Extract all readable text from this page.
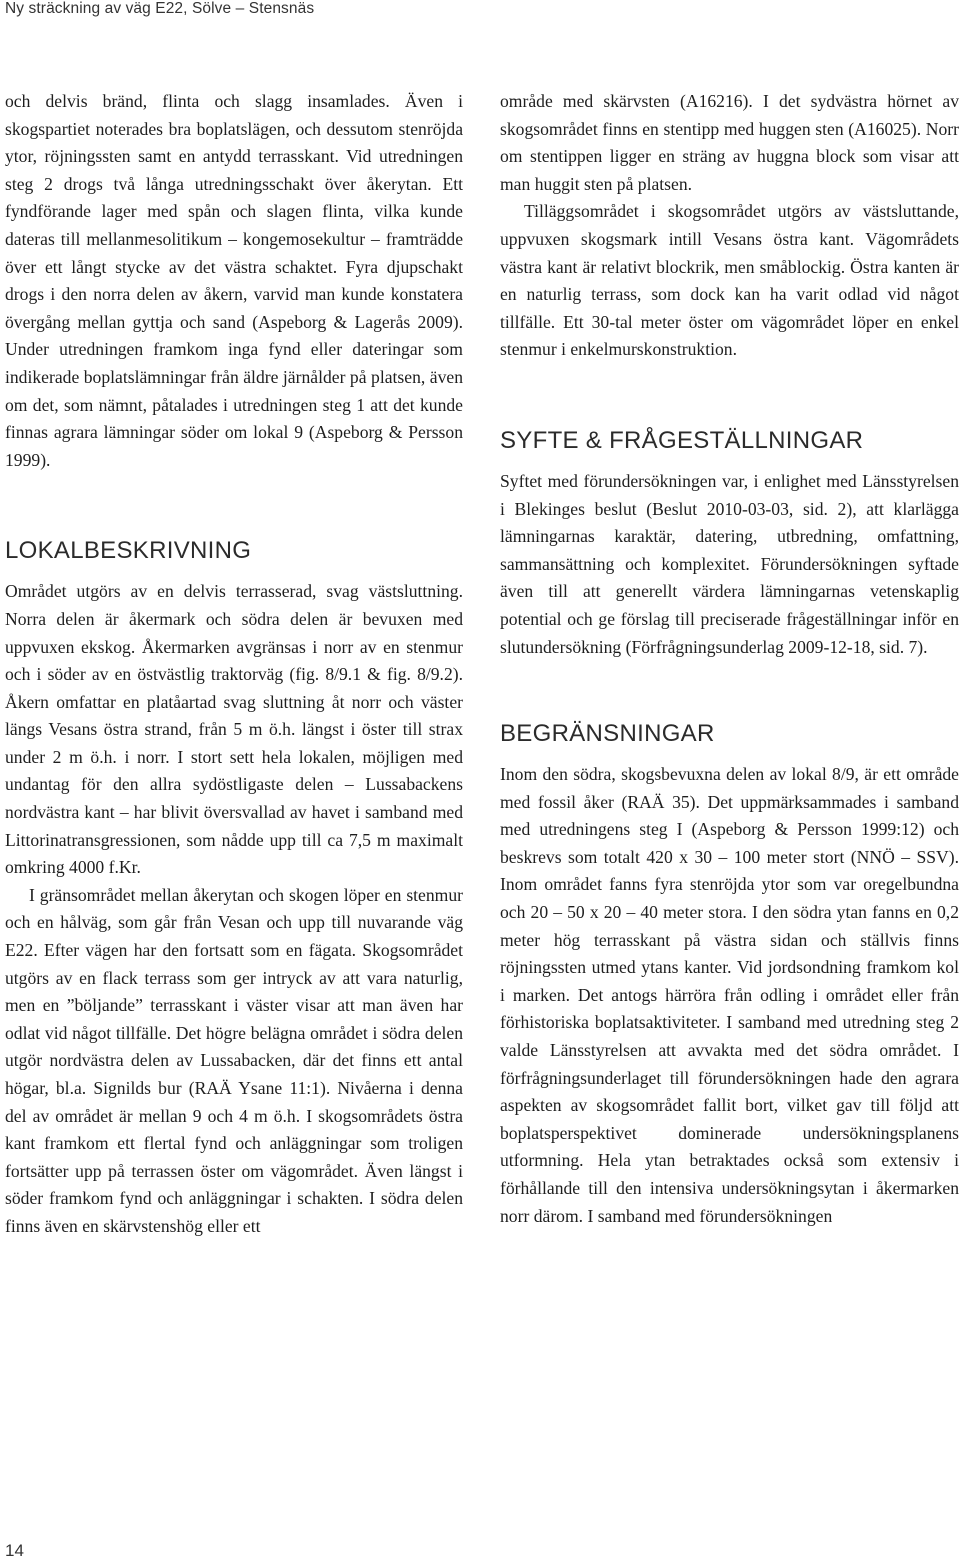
Ny sträckning av väg E22, Sölve – Stensnäs

och delvis bränd, flinta och slagg insamlades. Även i skogspartiet noterades bra boplatslägen, och dessutom stenröjda ytor, röjningssten samt en antydd terrasskant. Vid utredningen steg 2 drogs två långa utredningsschakt över åkerytan. Ett fyndförande lager med spån och slagen flinta, vilka kunde dateras till mellanmesolitikum – kongemosekultur – framträdde över ett långt stycke av det västra schaktet. Fyra djupschakt drogs i den norra delen av åkern, varvid man kunde konstatera övergång mellan gyttja och sand (Aspeborg & Lagerås 2009). Under utredningen framkom inga fynd eller dateringar som indikerade boplatslämningar från äldre järnålder på platsen, även om det, som nämnt, påtalades i utredningen steg 1 att det kunde finnas agrara lämningar söder om lokal 9 (Aspeborg & Persson 1999).

LOKALBESKRIVNING

Området utgörs av en delvis terrasserad, svag västsluttning. Norra delen är åkermark och södra delen är bevuxen med uppvuxen ekskog. Åkermarken avgränsas i norr av en stenmur och i söder av en östvästlig traktorväg (fig. 8/9.1 & fig. 8/9.2). Åkern omfattar en platåartad svag sluttning åt norr och väster längs Vesans östra strand, från 5 m ö.h. längst i öster till strax under 2 m ö.h. i norr. I stort sett hela lokalen, möjligen med undantag för den allra sydöstligaste delen – Lussabackens nordvästra kant – har blivit översvallad av havet i samband med Littorinatransgressionen, som nådde upp till ca 7,5 m maximalt omkring 4000 f.Kr.

I gränsområdet mellan åkerytan och skogen löper en stenmur och en hålväg, som går från Vesan och upp till nuvarande väg E22. Efter vägen har den fortsatt som en fägata. Skogsområdet utgörs av en flack terrass som ger intryck av att vara naturlig, men en ”böljande” terrasskant i väster visar att man även har odlat vid något tillfälle. Det högre belägna området i södra delen utgör nordvästra delen av Lussabacken, där det finns ett antal högar, bl.a. Signilds bur (RAÄ Ysane 11:1). Nivåerna i denna del av området är mellan 9 och 4 m ö.h. I skogsområdets östra kant framkom ett flertal fynd och anläggningar som troligen fortsätter upp på terrassen öster om vägområdet. Även längst i söder framkom fynd och anläggningar i schakten. I södra delen finns även en skärvstenshög eller ett

område med skärvsten (A16216). I det sydvästra hörnet av skogsområdet finns en stentipp med huggen sten (A16025). Norr om stentippen ligger en sträng av huggna block som visar att man huggit sten på platsen.

Tilläggsområdet i skogsområdet utgörs av västsluttande, uppvuxen skogsmark intill Vesans östra kant. Vägområdets västra kant är relativt blockrik, men småblockig. Östra kanten är en naturlig terrass, som dock kan ha varit odlad vid något tillfälle. Ett 30-tal meter öster om vägområdet löper en enkel stenmur i enkelmurskonstruktion.

SYFTE & FRÅGESTÄLLNINGAR

Syftet med förundersökningen var, i enlighet med Länsstyrelsen i Blekinges beslut (Beslut 2010-03-03, sid. 2), att klarlägga lämningarnas karaktär, datering, utbredning, omfattning, sammansättning och komplexitet. Förundersökningen syftade även till att generellt värdera lämningarnas vetenskaplig potential och ge förslag till preciserade frågeställningar inför en slutundersökning (Förfrågningsunderlag 2009-12-18, sid. 7).

BEGRÄNSNINGAR

Inom den södra, skogsbevuxna delen av lokal 8/9, är ett område med fossil åker (RAÄ 35). Det uppmärksammades i samband med utredningens steg I (Aspeborg & Persson 1999:12) och beskrevs som totalt 420 x 30 – 100 meter stort (NNÖ – SSV). Inom området fanns fyra stenröjda ytor som var oregelbundna och 20 – 50 x 20 – 40 meter stora. I den södra ytan fanns en 0,2 meter hög terrasskant på västra sidan och ställvis finns röjningssten utmed ytans kanter. Vid jordsondning framkom kol i marken. Det antogs härröra från odling i området eller från förhistoriska boplatsaktiviteter. I samband med utredning steg 2 valde Länsstyrelsen att avvakta med det södra området. I förfrågningsunderlaget till förundersökningen hade den agrara aspekten av skogsområdet fallit bort, vilket gav till följd att boplatsperspektivet dominerade undersökningsplanens utformning. Hela ytan betraktades också som extensiv i förhållande till den intensiva undersökningsytan i åkermarken norr därom. I samband med förundersökningen

14
